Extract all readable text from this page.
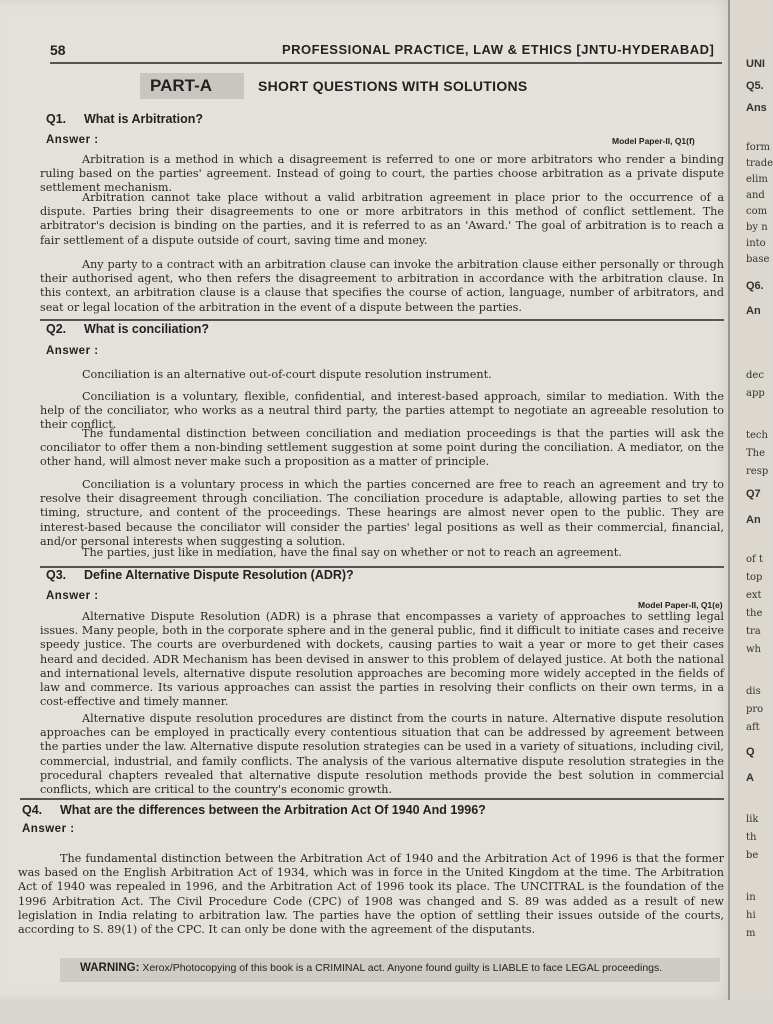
58	PROFESSIONAL PRACTICE, LAW & ETHICS [JNTU-HYDERABAD]
PART-A	SHORT QUESTIONS WITH SOLUTIONS
Q1. What is Arbitration?
Answer :	Model Paper-II, Q1(f)
Arbitration is a method in which a disagreement is referred to one or more arbitrators who render a binding ruling based on the parties' agreement. Instead of going to court, the parties choose arbitration as a private dispute settlement mechanism.
Arbitration cannot take place without a valid arbitration agreement in place prior to the occurrence of a dispute. Parties bring their disagreements to one or more arbitrators in this method of conflict settlement. The arbitrator's decision is binding on the parties, and it is referred to as an 'Award.' The goal of arbitration is to reach a fair settlement of a dispute outside of court, saving time and money.
Any party to a contract with an arbitration clause can invoke the arbitration clause either personally or through their authorised agent, who then refers the disagreement to arbitration in accordance with the arbitration clause. In this context, an arbitration clause is a clause that specifies the course of action, language, number of arbitrators, and seat or legal location of the arbitration in the event of a dispute between the parties.
Q2. What is conciliation?
Answer :
Conciliation is an alternative out-of-court dispute resolution instrument.
Conciliation is a voluntary, flexible, confidential, and interest-based approach, similar to mediation. With the help of the conciliator, who works as a neutral third party, the parties attempt to negotiate an agreeable resolution to their conflict.
The fundamental distinction between conciliation and mediation proceedings is that the parties will ask the conciliator to offer them a non-binding settlement suggestion at some point during the conciliation. A mediator, on the other hand, will almost never make such a proposition as a matter of principle.
Conciliation is a voluntary process in which the parties concerned are free to reach an agreement and try to resolve their disagreement through conciliation. The conciliation procedure is adaptable, allowing parties to set the timing, structure, and content of the proceedings. These hearings are almost never open to the public. They are interest-based because the conciliator will consider the parties' legal positions as well as their commercial, financial, and/or personal interests when suggesting a solution.
The parties, just like in mediation, have the final say on whether or not to reach an agreement.
Q3. Define Alternative Dispute Resolution (ADR)?
Answer :
Model Paper-II, Q1(e)
Alternative Dispute Resolution (ADR) is a phrase that encompasses a variety of approaches to settling legal issues. Many people, both in the corporate sphere and in the general public, find it difficult to initiate cases and receive speedy justice. The courts are overburdened with dockets, causing parties to wait a year or more to get their cases heard and decided. ADR Mechanism has been devised in answer to this problem of delayed justice. At both the national and international levels, alternative dispute resolution approaches are becoming more widely accepted in the fields of law and commerce. Its various approaches can assist the parties in resolving their conflicts on their own terms, in a cost-effective and timely manner.
Alternative dispute resolution procedures are distinct from the courts in nature. Alternative dispute resolution approaches can be employed in practically every contentious situation that can be addressed by agreement between the parties under the law. Alternative dispute resolution strategies can be used in a variety of situations, including civil, commercial, industrial, and family conflicts. The analysis of the various alternative dispute resolution strategies in the procedural chapters revealed that alternative dispute resolution methods provide the best solution in commercial conflicts, which are critical to the country's economic growth.
Q4. What are the differences between the Arbitration Act Of 1940 And 1996?
Answer :
The fundamental distinction between the Arbitration Act of 1940 and the Arbitration Act of 1996 is that the former was based on the English Arbitration Act of 1934, which was in force in the United Kingdom at the time. The Arbitration Act of 1940 was repealed in 1996, and the Arbitration Act of 1996 took its place. The UNCITRAL is the foundation of the 1996 Arbitration Act. The Civil Procedure Code (CPC) of 1908 was changed and S. 89 was added as a result of new legislation in India relating to arbitration law. The parties have the option of settling their issues outside of the courts, according to S. 89(1) of the CPC. It can only be done with the agreement of the disputants.
WARNING: Xerox/Photocopying of this book is a CRIMINAL act. Anyone found guilty is LIABLE to face LEGAL proceedings.
UNI
Q5.
Ans
form
trade
elim
and
com
by n
into
base
Q6.
An
dec
app
tech
The
resp
Q7
An
of t
top
ext
the
tra
wh
dis
pro
aft
Q
A
lik
th
be
in
hi
m
